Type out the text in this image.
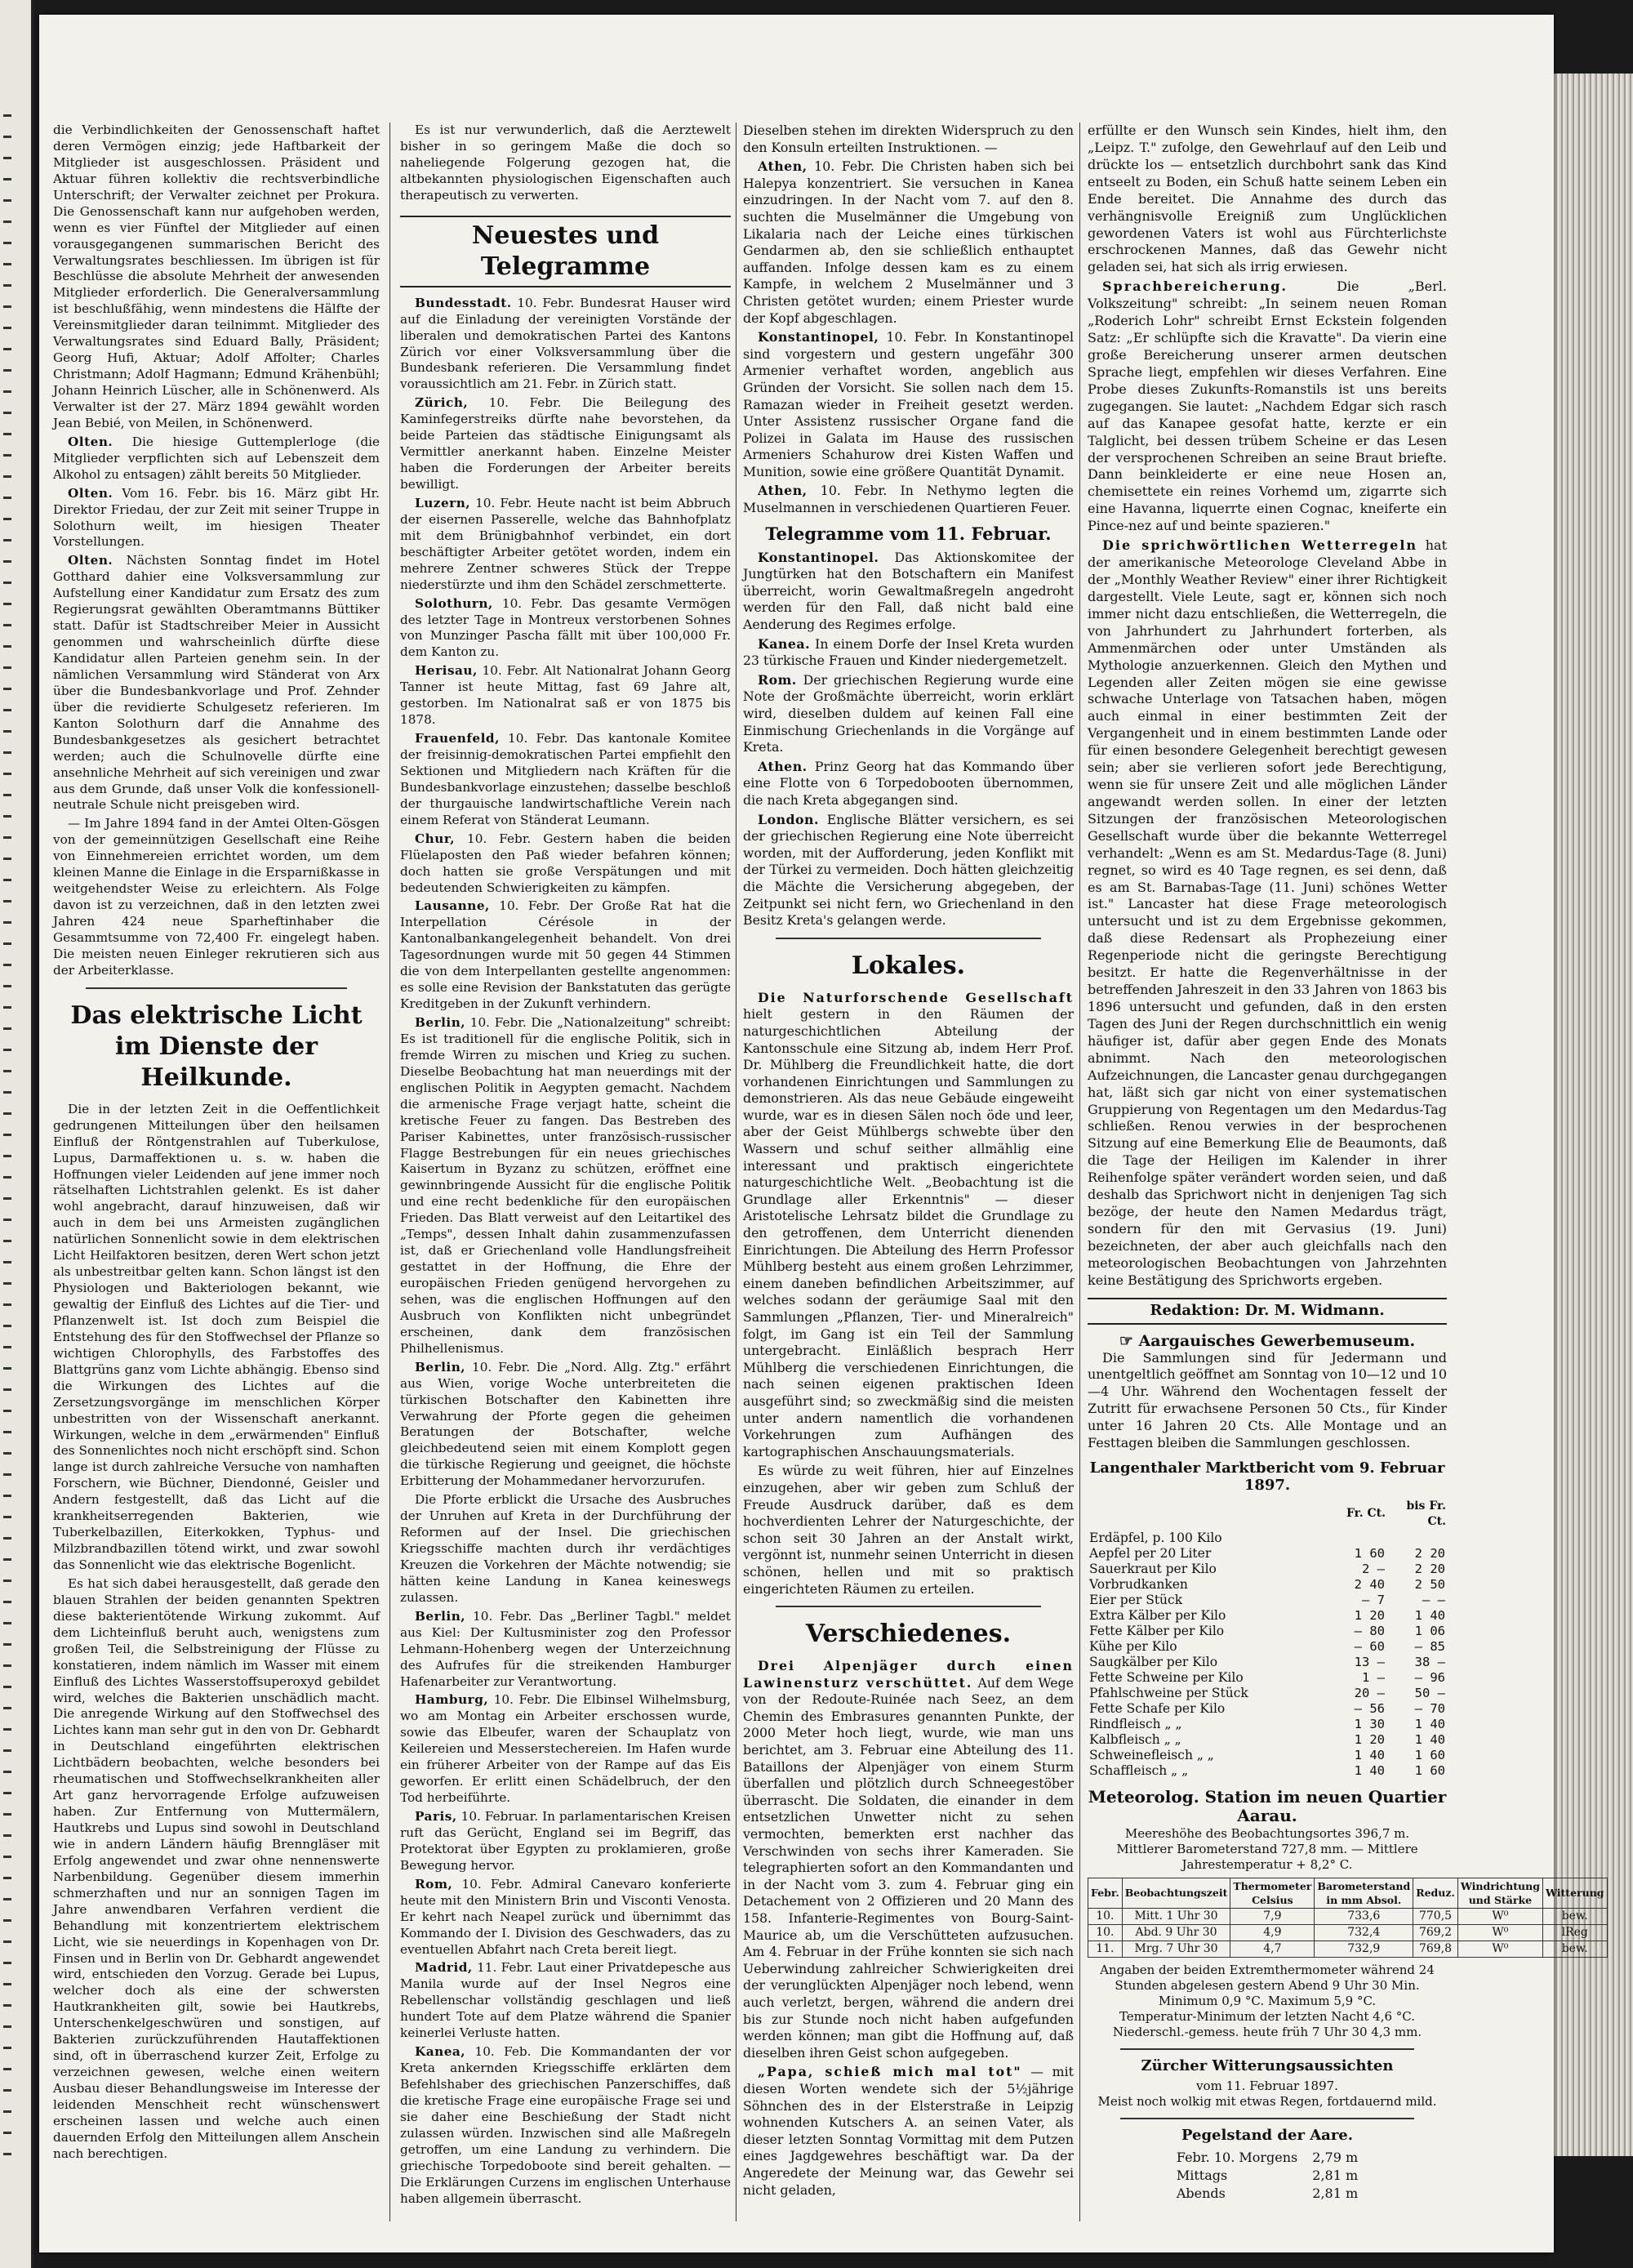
die Verbindlichkeiten der Genossenschaft haftet deren Vermögen einzig; jede Haftbarkeit der Mitglieder ist ausgeschlossen. Präsident und Aktuar führen kollektiv die rechtsverbindliche Unterschrift; der Verwalter zeichnet per Prokura. Die Genossenschaft kann nur aufgehoben werden, wenn es vier Fünftel der Mitglieder auf einen vorausgegangenen summarischen Bericht des Verwaltungsrates beschliessen. Im übrigen ist für Beschlüsse die absolute Mehrheit der anwesenden Mitglieder erforderlich. Die Generalversammlung ist beschlußfähig, wenn mindestens die Hälfte der Vereinsmitglieder daran teilnimmt. Mitglieder des Verwaltungsrates sind Eduard Bally, Präsident; Georg Hufi, Aktuar; Adolf Affolter; Charles Christmann; Adolf Hagmann; Edmund Krähenbühl; Johann Heinrich Lüscher, alle in Schönenwerd. Als Verwalter ist der 27. März 1894 gewählt worden Jean Bebié, von Meilen, in Schönenwerd.

Olten. Die hiesige Guttemplerloge (die Mitglieder verpflichten sich auf Lebenszeit dem Alkohol zu entsagen) zählt bereits 50 Mitglieder.

Olten. Vom 16. Febr. bis 16. März gibt Hr. Direktor Friedau, der zur Zeit mit seiner Truppe in Solothurn weilt, im hiesigen Theater Vorstellungen.

Olten. Nächsten Sonntag findet im Hotel Gotthard dahier eine Volksversammlung zur Aufstellung einer Kandidatur zum Ersatz des zum Regierungsrat gewählten Oberamtmanns Büttiker statt. Dafür ist Stadtschreiber Meier in Aussicht genommen und wahrscheinlich dürfte diese Kandidatur allen Parteien genehm sein. In der nämlichen Versammlung wird Ständerat von Arx über die Bundesbankvorlage und Prof. Zehnder über die revidierte Schulgesetz referieren. Im Kanton Solothurn darf die Annahme des Bundesbankgesetzes als gesichert betrachtet werden; auch die Schulnovelle dürfte eine ansehnliche Mehrheit auf sich vereinigen und zwar aus dem Grunde, daß unser Volk die konfessionell-neutrale Schule nicht preisgeben wird.

— Im Jahre 1894 fand in der Amtei Olten-Gösgen von der gemeinnützigen Gesellschaft eine Reihe von Einnehmereien errichtet worden, um dem kleinen Manne die Einlage in die Ersparnißkasse in weitgehendster Weise zu erleichtern. Als Folge davon ist zu verzeichnen, daß in den letzten zwei Jahren 424 neue Sparheftinhaber die Gesammtsumme von 72,400 Fr. eingelegt haben. Die meisten neuen Einleger rekrutieren sich aus der Arbeiterklasse.

Das elektrische Licht im Dienste der Heilkunde.

Die in der letzten Zeit in die Oeffentlichkeit gedrungenen Mitteilungen über den heilsamen Einfluß der Röntgenstrahlen auf Tuberkulose, Lupus, Darmaffektionen u. s. w. haben die Hoffnungen vieler Leidenden auf jene immer noch rätselhaften Lichtstrahlen gelenkt. Es ist daher wohl angebracht, darauf hinzuweisen, daß wir auch in dem bei uns Armeisten zugänglichen natürlichen Sonnenlicht sowie in dem elektrischen Licht Heilfaktoren besitzen, deren Wert schon jetzt als unbestreitbar gelten kann. Schon längst ist den Physiologen und Bakteriologen bekannt, wie gewaltig der Einfluß des Lichtes auf die Tier- und Pflanzenwelt ist. Ist doch zum Beispiel die Entstehung des für den Stoffwechsel der Pflanze so wichtigen Chlorophylls, des Farbstoffes des Blattgrüns ganz vom Lichte abhängig. Ebenso sind die Wirkungen des Lichtes auf die Zersetzungsvorgänge im menschlichen Körper unbestritten von der Wissenschaft anerkannt. Wirkungen, welche in dem „erwärmenden" Einfluß des Sonnenlichtes noch nicht erschöpft sind. Schon lange ist durch zahlreiche Versuche von namhaften Forschern, wie Büchner, Diendonné, Geisler und Andern festgestellt, daß das Licht auf die krankheitserregenden Bakterien, wie Tuberkelbazillen, Eiterkokken, Typhus- und Milzbrandbazillen tötend wirkt, und zwar sowohl das Sonnenlicht wie das elektrische Bogenlicht.

Es hat sich dabei herausgestellt, daß gerade den blauen Strahlen der beiden genannten Spektren diese bakterientötende Wirkung zukommt. Auf dem Lichteinfluß beruht auch, wenigstens zum großen Teil, die Selbstreinigung der Flüsse zu konstatieren, indem nämlich im Wasser mit einem Einfluß des Lichtes Wasserstoffsuperoxyd gebildet wird, welches die Bakterien unschädlich macht. Die anregende Wirkung auf den Stoffwechsel des Lichtes kann man sehr gut in den von Dr. Gebhardt in Deutschland eingeführten elektrischen Lichtbädern beobachten, welche besonders bei rheumatischen und Stoffwechselkrankheiten aller Art ganz hervorragende Erfolge aufzuweisen haben. Zur Entfernung von Muttermälern, Hautkrebs und Lupus sind sowohl in Deutschland wie in andern Ländern häufig Brenngläser mit Erfolg angewendet und zwar ohne nennenswerte Narbenbildung. Gegenüber diesem immerhin schmerzhaften und nur an sonnigen Tagen im Jahre anwendbaren Verfahren verdient die Behandlung mit konzentriertem elektrischem Licht, wie sie neuerdings in Kopenhagen von Dr. Finsen und in Berlin von Dr. Gebhardt angewendet wird, entschieden den Vorzug. Gerade bei Lupus, welcher doch als eine der schwersten Hautkrankheiten gilt, sowie bei Hautkrebs, Unterschenkelgeschwüren und sonstigen, auf Bakterien zurückzuführenden Hautaffektionen sind, oft in überraschend kurzer Zeit, Erfolge zu verzeichnen gewesen, welche einen weitern Ausbau dieser Behandlungsweise im Interesse der leidenden Menschheit recht wünschenswert erscheinen lassen und welche auch einen dauernden Erfolg den Mitteilungen allem Anschein nach berechtigen.

Es ist nur verwunderlich, daß die Aerztewelt bisher in so geringem Maße die doch so naheliegende Folgerung gezogen hat, die altbekannten physiologischen Eigenschaften auch therapeutisch zu verwerten.

Neuestes und Telegramme

Bundesstadt. 10. Febr. Bundesrat Hauser wird auf die Einladung der vereinigten Vorstände der liberalen und demokratischen Partei des Kantons Zürich vor einer Volksversammlung über die Bundesbank referieren. Die Versammlung findet voraussichtlich am 21. Febr. in Zürich statt.

Zürich, 10. Febr. Die Beilegung des Kaminfegerstreiks dürfte nahe bevorstehen, da beide Parteien das städtische Einigungsamt als Vermittler anerkannt haben. Einzelne Meister haben die Forderungen der Arbeiter bereits bewilligt.

Luzern, 10. Febr. Heute nacht ist beim Abbruch der eisernen Passerelle, welche das Bahnhofplatz mit dem Brünigbahnhof verbindet, ein dort beschäftigter Arbeiter getötet worden, indem ein mehrere Zentner schweres Stück der Treppe niederstürzte und ihm den Schädel zerschmetterte.

Solothurn, 10. Febr. Das gesamte Vermögen des letzter Tage in Montreux verstorbenen Sohnes von Munzinger Pascha fällt mit über 100,000 Fr. dem Kanton zu.

Herisau, 10. Febr. Alt Nationalrat Johann Georg Tanner ist heute Mittag, fast 69 Jahre alt, gestorben. Im Nationalrat saß er von 1875 bis 1878.

Frauenfeld, 10. Febr. Das kantonale Komitee der freisinnig-demokratischen Partei empfiehlt den Sektionen und Mitgliedern nach Kräften für die Bundesbankvorlage einzustehen; dasselbe beschloß der thurgauische landwirtschaftliche Verein nach einem Referat von Ständerat Leumann.

Chur, 10. Febr. Gestern haben die beiden Flüelaposten den Paß wieder befahren können; doch hatten sie große Verspätungen und mit bedeutenden Schwierigkeiten zu kämpfen.

Lausanne, 10. Febr. Der Große Rat hat die Interpellation Cérésole in der Kantonalbankangelegenheit behandelt. Von drei Tagesordnungen wurde mit 50 gegen 44 Stimmen die von dem Interpellanten gestellte angenommen: es solle eine Revision der Bankstatuten das gerügte Kreditgeben in der Zukunft verhindern.

Berlin, 10. Febr. Die „Nationalzeitung" schreibt: Es ist traditionell für die englische Politik, sich in fremde Wirren zu mischen und Krieg zu suchen. Dieselbe Beobachtung hat man neuerdings mit der englischen Politik in Aegypten gemacht. Nachdem die armenische Frage verjagt hatte, scheint die kretische Feuer zu fangen. Das Bestreben des Pariser Kabinettes, unter französisch-russischer Flagge Bestrebungen für ein neues griechisches Kaisertum in Byzanz zu schützen, eröffnet eine gewinnbringende Aussicht für die englische Politik und eine recht bedenkliche für den europäischen Frieden. Das Blatt verweist auf den Leitartikel des „Temps", dessen Inhalt dahin zusammenzufassen ist, daß er Griechenland volle Handlungsfreiheit gestattet in der Hoffnung, die Ehre der europäischen Frieden genügend hervorgehen zu sehen, was die englischen Hoffnungen auf den Ausbruch von Konflikten nicht unbegründet erscheinen, dank dem französischen Philhellenismus.

Berlin, 10. Febr. Die „Nord. Allg. Ztg." erfährt aus Wien, vorige Woche unterbreiteten die türkischen Botschafter den Kabinetten ihre Verwahrung der Pforte gegen die geheimen Beratungen der Botschafter, welche gleichbedeutend seien mit einem Komplott gegen die türkische Regierung und geeignet, die höchste Erbitterung der Mohammedaner hervorzurufen.

Die Pforte erblickt die Ursache des Ausbruches der Unruhen auf Kreta in der Durchführung der Reformen auf der Insel. Die griechischen Kriegsschiffe machten durch ihr verdächtiges Kreuzen die Vorkehren der Mächte notwendig; sie hätten keine Landung in Kanea keineswegs zulassen.

Berlin, 10. Febr. Das „Berliner Tagbl." meldet aus Kiel: Der Kultusminister zog den Professor Lehmann-Hohenberg wegen der Unterzeichnung des Aufrufes für die streikenden Hamburger Hafenarbeiter zur Verantwortung.

Hamburg, 10. Febr. Die Elbinsel Wilhelmsburg, wo am Montag ein Arbeiter erschossen wurde, sowie das Elbeufer, waren der Schauplatz von Keilereien und Messerstechereien. Im Hafen wurde ein früherer Arbeiter von der Rampe auf das Eis geworfen. Er erlitt einen Schädelbruch, der den Tod herbeiführte.

Paris, 10. Februar. In parlamentarischen Kreisen ruft das Gerücht, England sei im Begriff, das Protektorat über Egypten zu proklamieren, große Bewegung hervor.

Rom, 10. Febr. Admiral Canevaro konferierte heute mit den Ministern Brin und Visconti Venosta. Er kehrt nach Neapel zurück und übernimmt das Kommando der I. Division des Geschwaders, das zu eventuellen Abfahrt nach Creta bereit liegt.

Madrid, 11. Febr. Laut einer Privatdepesche aus Manila wurde auf der Insel Negros eine Rebellenschar vollständig geschlagen und ließ hundert Tote auf dem Platze während die Spanier keinerlei Verluste hatten.

Kanea, 10. Feb. Die Kommandanten der vor Kreta ankernden Kriegsschiffe erklärten dem Befehlshaber des griechischen Panzerschiffes, daß die kretische Frage eine europäische Frage sei und sie daher eine Beschießung der Stadt nicht zulassen würden. Inzwischen sind alle Maßregeln getroffen, um eine Landung zu verhindern. Die griechische Torpedoboote sind bereit gehalten. — Die Erklärungen Curzens im englischen Unterhause haben allgemein überrascht.

Dieselben stehen im direkten Widerspruch zu den den Konsuln erteilten Instruktionen. —

Athen, 10. Febr. Die Christen haben sich bei Halepya konzentriert. Sie versuchen in Kanea einzudringen. In der Nacht vom 7. auf den 8. suchten die Muselmänner die Umgebung von Likalaria nach der Leiche eines türkischen Gendarmen ab, den sie schließlich enthauptet auffanden. Infolge dessen kam es zu einem Kampfe, in welchem 2 Muselmänner und 3 Christen getötet wurden; einem Priester wurde der Kopf abgeschlagen.

Konstantinopel, 10. Febr. In Konstantinopel sind vorgestern und gestern ungefähr 300 Armenier verhaftet worden, angeblich aus Gründen der Vorsicht. Sie sollen nach dem 15. Ramazan wieder in Freiheit gesetzt werden. Unter Assistenz russischer Organe fand die Polizei in Galata im Hause des russischen Armeniers Schahurow drei Kisten Waffen und Munition, sowie eine größere Quantität Dynamit.

Athen, 10. Febr. In Nethymo legten die Muselmannen in verschiedenen Quartieren Feuer.

Telegramme vom 11. Februar.

Konstantinopel. Das Aktionskomitee der Jungtürken hat den Botschaftern ein Manifest überreicht, worin Gewaltmaßregeln angedroht werden für den Fall, daß nicht bald eine Aenderung des Regimes erfolge.

Kanea. In einem Dorfe der Insel Kreta wurden 23 türkische Frauen und Kinder niedergemetzelt.

Rom. Der griechischen Regierung wurde eine Note der Großmächte überreicht, worin erklärt wird, dieselben duldem auf keinen Fall eine Einmischung Griechenlands in die Vorgänge auf Kreta.

Athen. Prinz Georg hat das Kommando über eine Flotte von 6 Torpedobooten übernommen, die nach Kreta abgegangen sind.

London. Englische Blätter versichern, es sei der griechischen Regierung eine Note überreicht worden, mit der Aufforderung, jeden Konflikt mit der Türkei zu vermeiden. Doch hätten gleichzeitig die Mächte die Versicherung abgegeben, der Zeitpunkt sei nicht fern, wo Griechenland in den Besitz Kreta's gelangen werde.

Lokales.

Die Naturforschende Gesellschaft hielt gestern in den Räumen der naturgeschichtlichen Abteilung der Kantonsschule eine Sitzung ab, indem Herr Prof. Dr. Mühlberg die Freundlichkeit hatte, die dort vorhandenen Einrichtungen und Sammlungen zu demonstrieren. Als das neue Gebäude eingeweiht wurde, war es in diesen Sälen noch öde und leer, aber der Geist Mühlbergs schwebte über den Wassern und schuf seither allmählig eine interessant und praktisch eingerichtete naturgeschichtliche Welt. „Beobachtung ist die Grundlage aller Erkenntnis" — dieser Aristotelische Lehrsatz bildet die Grundlage zu den getroffenen, dem Unterricht dienenden Einrichtungen. Die Abteilung des Herrn Professor Mühlberg besteht aus einem großen Lehrzimmer, einem daneben befindlichen Arbeitszimmer, auf welches sodann der geräumige Saal mit den Sammlungen „Pflanzen, Tier- und Mineralreich" folgt, im Gang ist ein Teil der Sammlung untergebracht. Einläßlich besprach Herr Mühlberg die verschiedenen Einrichtungen, die nach seinen eigenen praktischen Ideen ausgeführt sind; so zweckmäßig sind die meisten unter andern namentlich die vorhandenen Vorkehrungen zum Aufhängen des kartographischen Anschauungsmaterials.

Es würde zu weit führen, hier auf Einzelnes einzugehen, aber wir geben zum Schluß der Freude Ausdruck darüber, daß es dem hochverdienten Lehrer der Naturgeschichte, der schon seit 30 Jahren an der Anstalt wirkt, vergönnt ist, nunmehr seinen Unterricht in diesen schönen, hellen und mit so praktisch eingerichteten Räumen zu erteilen.

Verschiedenes.

Drei Alpenjäger durch einen Lawinensturz verschüttet. Auf dem Wege von der Redoute-Ruinée nach Seez, an dem Chemin des Embrasures genannten Punkte, der 2000 Meter hoch liegt, wurde, wie man uns berichtet, am 3. Februar eine Abteilung des 11. Bataillons der Alpenjäger von einem Sturm überfallen und plötzlich durch Schneegestöber überrascht. Die Soldaten, die einander in dem entsetzlichen Unwetter nicht zu sehen vermochten, bemerkten erst nachher das Verschwinden von sechs ihrer Kameraden. Sie telegraphierten sofort an den Kommandanten und in der Nacht vom 3. zum 4. Februar ging ein Detachement von 2 Offizieren und 20 Mann des 158. Infanterie-Regimentes von Bourg-Saint-Maurice ab, um die Verschütteten aufzusuchen. Am 4. Februar in der Frühe konnten sie sich nach Ueberwindung zahlreicher Schwierigkeiten drei der verunglückten Alpenjäger noch lebend, wenn auch verletzt, bergen, während die andern drei bis zur Stunde noch nicht haben aufgefunden werden können; man gibt die Hoffnung auf, daß dieselben ihren Geist schon aufgegeben.

„Papa, schieß mich mal tot" — mit diesen Worten wendete sich der 5½jährige Söhnchen des in der Elsterstraße in Leipzig wohnenden Kutschers A. an seinen Vater, als dieser letzten Sonntag Vormittag mit dem Putzen eines Jagdgewehres beschäftigt war. Da der Angeredete der Meinung war, das Gewehr sei nicht geladen,

erfüllte er den Wunsch sein Kindes, hielt ihm, den „Leipz. T." zufolge, den Gewehrlauf auf den Leib und drückte los — entsetzlich durchbohrt sank das Kind entseelt zu Boden, ein Schuß hatte seinem Leben ein Ende bereitet. Die Annahme des durch das verhängnisvolle Ereigniß zum Unglücklichen gewordenen Vaters ist wohl aus Fürchterlichste erschrockenen Mannes, daß das Gewehr nicht geladen sei, hat sich als irrig erwiesen.

Sprachbereicherung. Die „Berl. Volkszeitung" schreibt: „In seinem neuen Roman „Roderich Lohr" schreibt Ernst Eckstein folgenden Satz: „Er schlüpfte sich die Kravatte". Da vierin eine große Bereicherung unserer armen deutschen Sprache liegt, empfehlen wir dieses Verfahren. Eine Probe dieses Zukunfts-Romanstils ist uns bereits zugegangen. Sie lautet: „Nachdem Edgar sich rasch auf das Kanapee gesofat hatte, kerzte er ein Talglicht, bei dessen trübem Scheine er das Lesen der versprochenen Schreiben an seine Braut briefte. Dann beinkleiderte er eine neue Hosen an, chemisettete ein reines Vorhemd um, zigarrte sich eine Havanna, liquerrte einen Cognac, kneiferte ein Pince-nez auf und beinte spazieren."

Die sprichwörtlichen Wetterregeln hat der amerikanische Meteorologe Cleveland Abbe in der „Monthly Weather Review" einer ihrer Richtigkeit dargestellt. Viele Leute, sagt er, können sich noch immer nicht dazu entschließen, die Wetterregeln, die von Jahrhundert zu Jahrhundert forterben, als Ammenmärchen oder unter Umständen als Mythologie anzuerkennen. Gleich den Mythen und Legenden aller Zeiten mögen sie eine gewisse schwache Unterlage von Tatsachen haben, mögen auch einmal in einer bestimmten Zeit der Vergangenheit und in einem bestimmten Lande oder für einen besondere Gelegenheit berechtigt gewesen sein; aber sie verlieren sofort jede Berechtigung, wenn sie für unsere Zeit und alle möglichen Länder angewandt werden sollen. In einer der letzten Sitzungen der französischen Meteorologischen Gesellschaft wurde über die bekannte Wetterregel verhandelt: „Wenn es am St. Medardus-Tage (8. Juni) regnet, so wird es 40 Tage regnen, es sei denn, daß es am St. Barnabas-Tage (11. Juni) schönes Wetter ist." Lancaster hat diese Frage meteorologisch untersucht und ist zu dem Ergebnisse gekommen, daß diese Redensart als Prophezeiung einer Regenperiode nicht die geringste Berechtigung besitzt. Er hatte die Regenverhältnisse in der betreffenden Jahreszeit in den 33 Jahren von 1863 bis 1896 untersucht und gefunden, daß in den ersten Tagen des Juni der Regen durchschnittlich ein wenig häufiger ist, dafür aber gegen Ende des Monats abnimmt. Nach den meteorologischen Aufzeichnungen, die Lancaster genau durchgegangen hat, läßt sich gar nicht von einer systematischen Gruppierung von Regentagen um den Medardus-Tag schließen. Renou verwies in der besprochenen Sitzung auf eine Bemerkung Elie de Beaumonts, daß die Tage der Heiligen im Kalender in ihrer Reihenfolge später verändert worden seien, und daß deshalb das Sprichwort nicht in denjenigen Tag sich bezöge, der heute den Namen Medardus trägt, sondern für den mit Gervasius (19. Juni) bezeichneten, der aber auch gleichfalls nach den meteorologischen Beobachtungen von Jahrzehnten keine Bestätigung des Sprichworts ergeben.

Redaktion: Dr. M. Widmann.
☞ Aargauisches Gewerbemuseum.

Die Sammlungen sind für Jedermann und unentgeltlich geöffnet am Sonntag von 10—12 und 10—4 Uhr. Während den Wochentagen fesselt der Zutritt für erwachsene Personen 50 Cts., für Kinder unter 16 Jahren 20 Cts. Alle Montage und an Festtagen bleiben die Sammlungen geschlossen.

Langenthaler Marktbericht vom 9. Februar 1897.
	Fr. Ct.	bis Fr. Ct.
Erdäpfel, p. 100 Kilo		
Aepfel per 20 Liter	1 60	2 20
Sauerkraut per Kilo	2 —	2 20
Vorbrudkanken	2 40	2 50
Eier per Stück	— 7	— —
Extra Kälber per Kilo	1 20	1 40
Fette Kälber per Kilo	— 80	1 06
Kühe per Kilo	— 60	— 85
Saugkälber per Kilo	13 —	38 —
Fette Schweine per Kilo	1 —	— 96
Pfahlschweine per Stück	20 —	50 —
Fette Schafe per Kilo	— 56	— 70
Rindfleisch „ „	1 30	1 40
Kalbfleisch „ „	1 20	1 40
Schweinefleisch „ „	1 40	1 60
Schaffleisch „ „	1 40	1 60
Meteorolog. Station im neuen Quartier
Aarau.
Meereshöhe des Beobachtungsortes 396,7 m.
Mittlerer Barometerstand 727,8 mm. — Mittlere Jahrestemperatur + 8,2° C.
Febr.	Beobachtungszeit	Thermometer Celsius	Barometerstand in mm Absol.	Reduz.	Windrichtung und Stärke	Witterung
10.	Mitt. 1 Uhr 30	7,9	733,6	770,5	W⁰	bew.
10.	Abd. 9 Uhr 30	4,9	732,4	769,2	W⁰	lReg
11.	Mrg. 7 Uhr 30	4,7	732,9	769,8	W⁰	bew.
Angaben der beiden Extremthermometer während 24 Stunden abgelesen gestern Abend 9 Uhr 30 Min.
Minimum 0,9 °C. Maximum 5,9 °C.
Temperatur-Minimum der letzten Nacht 4,6 °C.
Niederschl.-gemess. heute früh 7 Uhr 30 4,3 mm.
Zürcher Witterungsaussichten
vom 11. Februar 1897.
Meist noch wolkig mit etwas Regen, fortdauernd mild.
Pegelstand der Aare.
Febr. 10. Morgens	2,79 m
Mittags	2,81 m
Abends	2,81 m
